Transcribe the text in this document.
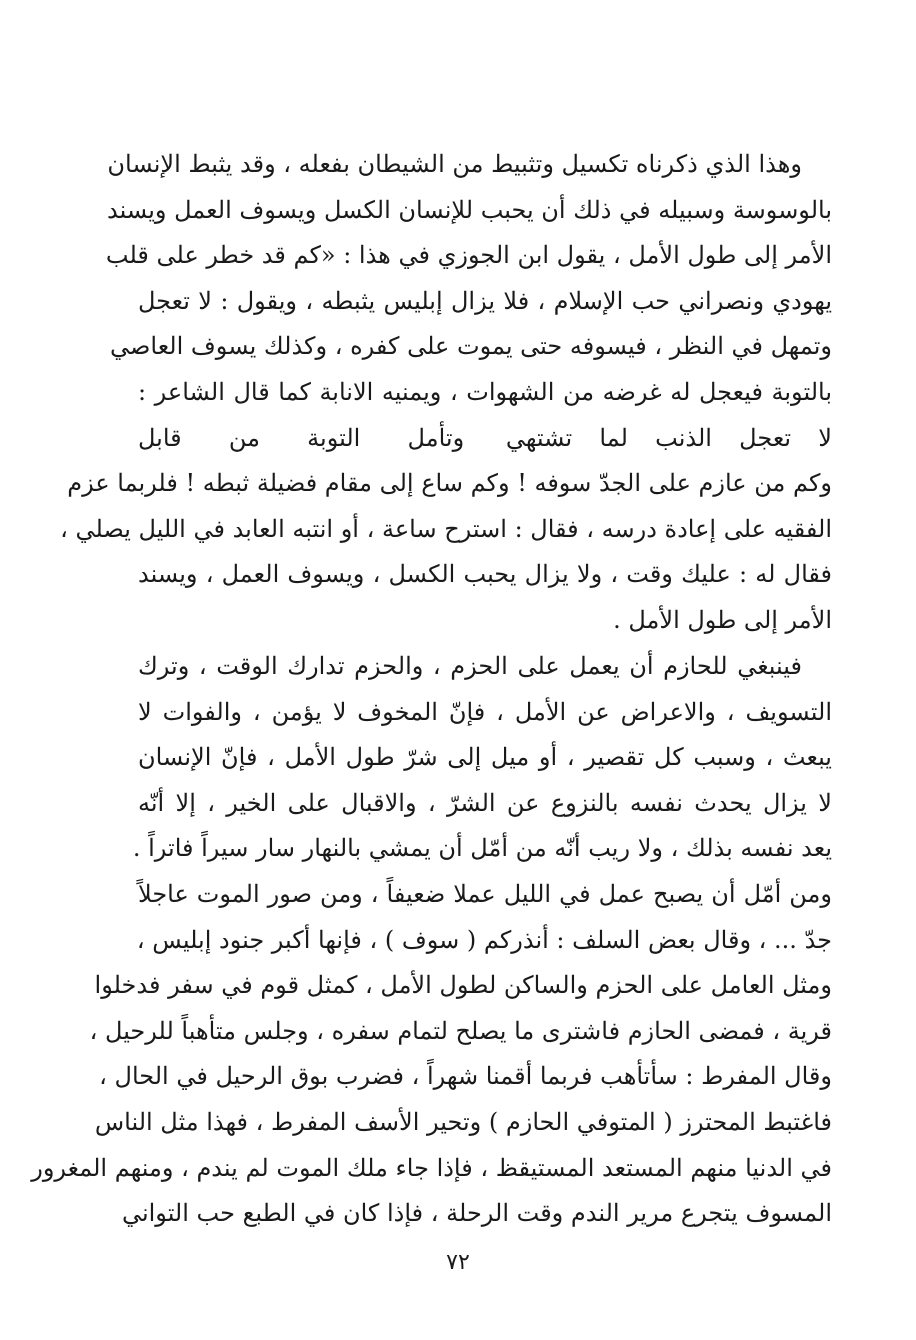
وهذا الذي ذكرناه تكسيل وتثبيط من الشيطان بفعله ، وقد يثبط الإنسان
بالوسوسة وسبيله في ذلك أن يحبب للإنسان الكسل ويسوف العمل ويسند
الأمر إلى طول الأمل ، يقول ابن الجوزي في هذا : «كم قد خطر على قلب
يهودي ونصراني حب الإسلام ، فلا يزال إبليس يثبطه ، ويقول : لا تعجل
وتمهل في النظر ، فيسوفه حتى يموت على كفره ، وكذلك يسوف العاصي
بالتوبة فيعجل له غرضه من الشهوات ، ويمنيه الانابة كما قال الشاعر :
لا تعجل الذنب لما تشتهي
وتأمل التوبة من قابل
وكم من عازم على الجدّ سوفه ! وكم ساع إلى مقام فضيلة ثبطه ! فلربما عزم
الفقيه على إعادة درسه ، فقال : استرح ساعة ، أو انتبه العابد في الليل يصلي ،
فقال له : عليك وقت ، ولا يزال يحبب الكسل ، ويسوف العمل ، ويسند
الأمر إلى طول الأمل .
فينبغي للحازم أن يعمل على الحزم ، والحزم تدارك الوقت ، وترك
التسويف ، والاعراض عن الأمل ، فإنّ المخوف لا يؤمن ، والفوات لا
يبعث ، وسبب كل تقصير ، أو ميل إلى شرّ طول الأمل ، فإنّ الإنسان
لا يزال يحدث نفسه بالنزوع عن الشرّ ، والاقبال على الخير ، إلا أنّه
يعد نفسه بذلك ، ولا ريب أنّه من أمّل أن يمشي بالنهار سار سيراً فاتراً .
ومن أمّل أن يصبح عمل في الليل عملا ضعيفاً ، ومن صور الموت عاجلاً
جدّ ... ، وقال بعض السلف : أنذركم ( سوف ) ، فإنها أكبر جنود إبليس ،
ومثل العامل على الحزم والساكن لطول الأمل ، كمثل قوم في سفر فدخلوا
قرية ، فمضى الحازم فاشترى ما يصلح لتمام سفره ، وجلس متأهباً للرحيل ،
وقال المفرط : سأتأهب فربما أقمنا شهراً ، فضرب بوق الرحيل في الحال ،
فاغتبط المحترز ( المتوفي الحازم ) وتحير الأسف المفرط ، فهذا مثل الناس
في الدنيا منهم المستعد المستيقظ ، فإذا جاء ملك الموت لم يندم ، ومنهم المغرور
المسوف يتجرع مرير الندم وقت الرحلة ، فإذا كان في الطبع حب التواني
٧٢
